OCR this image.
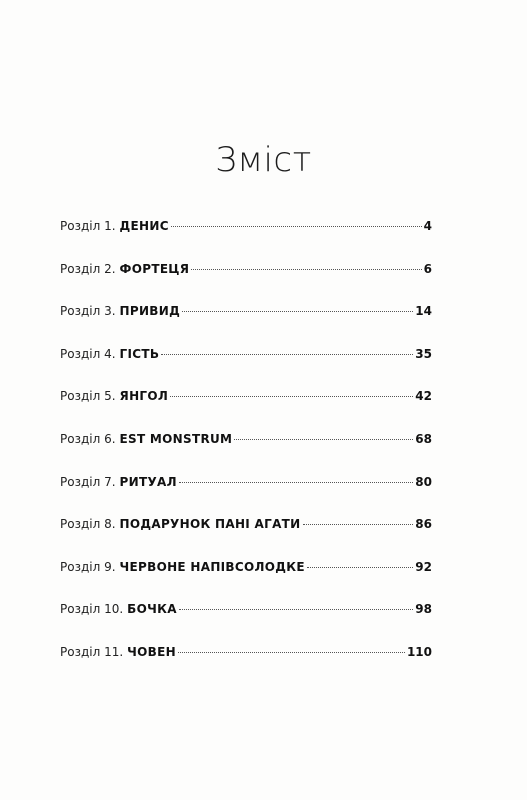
Зміст
Розділ 1. ДЕНИС	4
Розділ 2. ФОРТЕЦЯ	6
Розділ 3. ПРИВИД	14
Розділ 4. ГІСТЬ	35
Розділ 5. ЯНГОЛ	42
Розділ 6. EST MONSTRUM	68
Розділ 7. РИТУАЛ	80
Розділ 8. ПОДАРУНОК ПАНІ АГАТИ	86
Розділ 9. ЧЕРВОНЕ НАПІВСОЛОДКЕ	92
Розділ 10. БОЧКА	98
Розділ 11. ЧОВЕН	110
